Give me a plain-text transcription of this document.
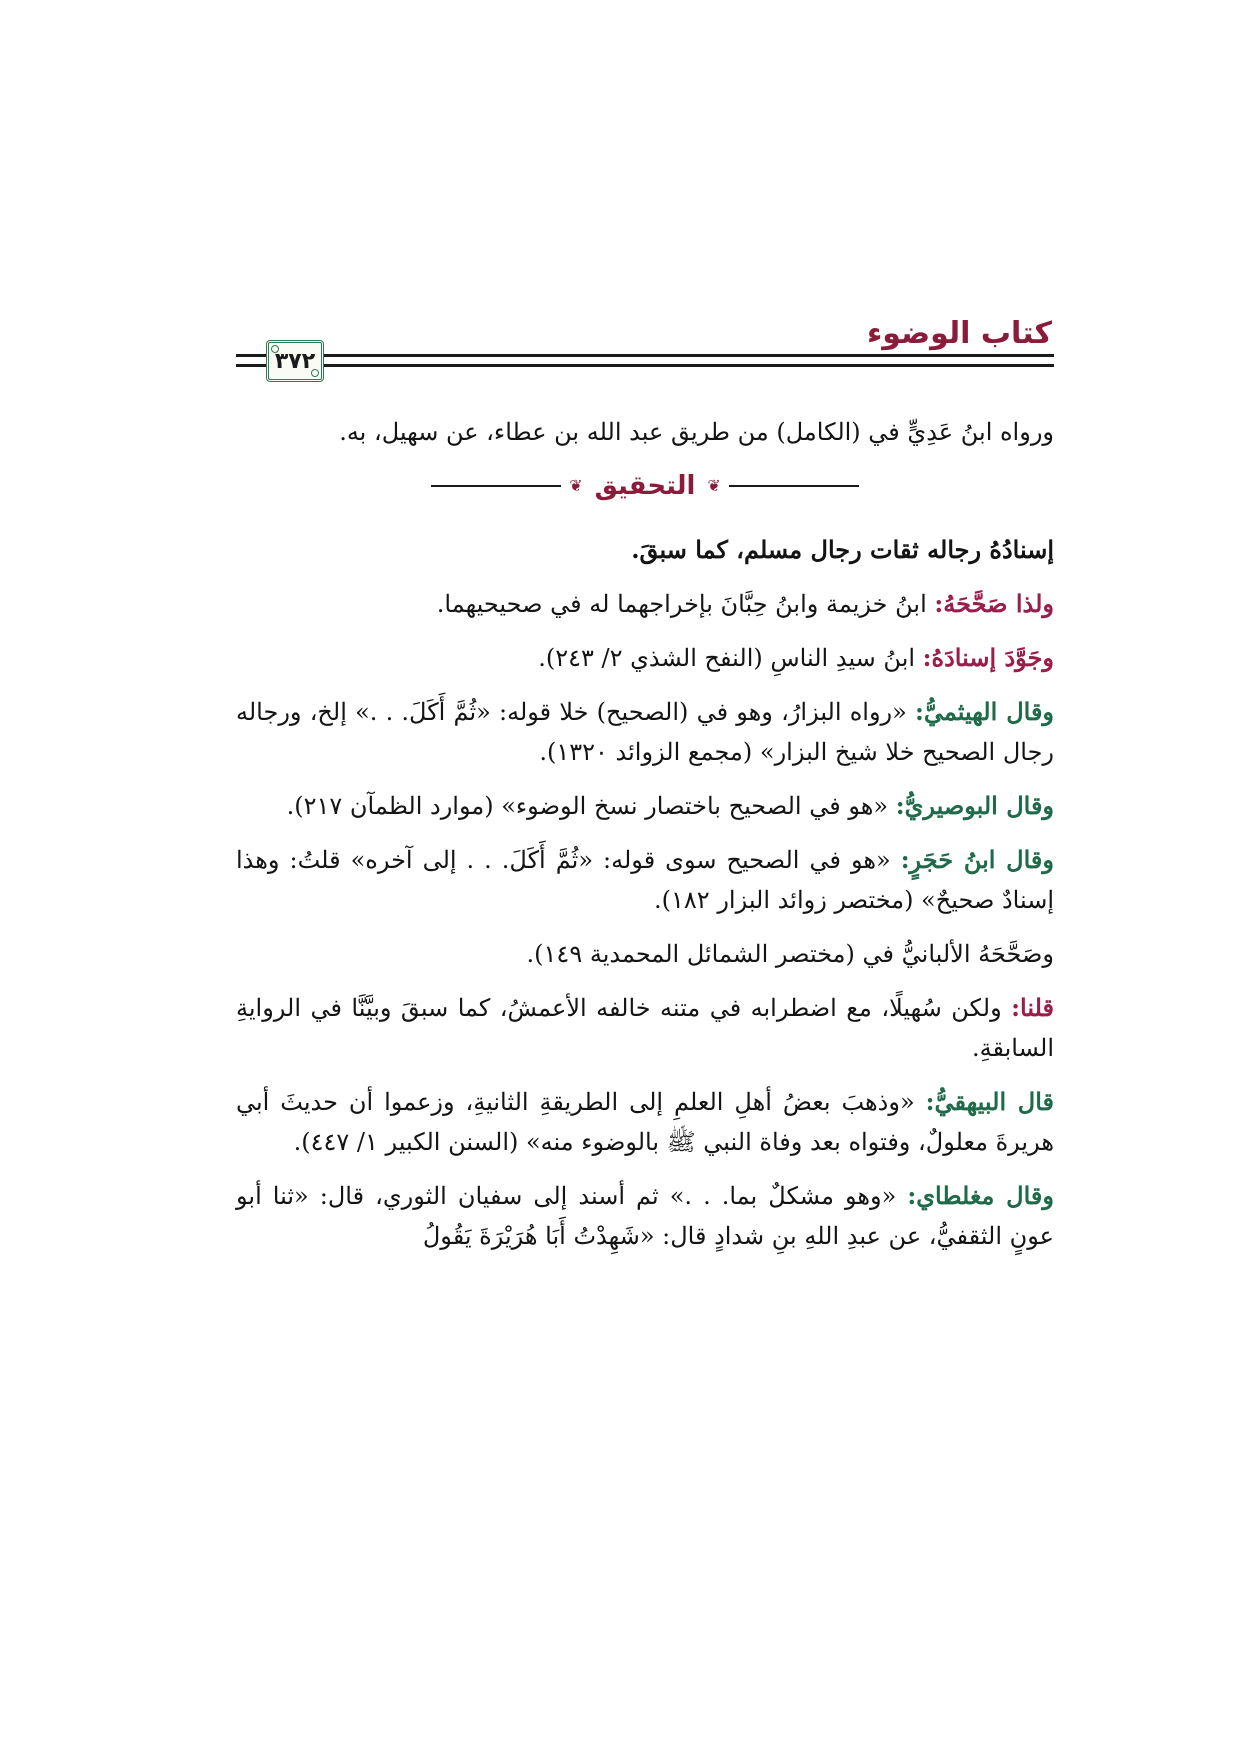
كتاب الوضوء
٣٧٢

ورواه ابنُ عَدِيٍّ في (الكامل) من طريق عبد الله بن عطاء، عن سهيل، به.

❦ التحقيق ❦

إسنادُهُ رجاله ثقات رجال مسلم، كما سبقَ.

ولذا صَحَّحَهُ: ابنُ خزيمة وابنُ حِبَّانَ بإخراجهما له في صحيحيهما.

وجَوَّدَ إسنادَهُ: ابنُ سيدِ الناسِ (النفح الشذي ٢/ ٢٤٣).

وقال الهيثميُّ: «رواه البزارُ، وهو في (الصحيح) خلا قوله: «ثُمَّ أَكَلَ. . .» إلخ، ورجاله رجال الصحيح خلا شيخ البزار» (مجمع الزوائد ١٣٢٠).

وقال البوصيريُّ: «هو في الصحيح باختصار نسخ الوضوء» (موارد الظمآن ٢١٧).

وقال ابنُ حَجَرٍ: «هو في الصحيح سوى قوله: «ثُمَّ أَكَلَ. . . إلى آخره» قلتُ: وهذا إسنادٌ صحيحٌ» (مختصر زوائد البزار ١٨٢).

وصَحَّحَهُ الألبانيُّ في (مختصر الشمائل المحمدية ١٤٩).

قلنا: ولكن سُهيلًا، مع اضطرابه في متنه خالفه الأعمشُ، كما سبقَ وبيَّنَّا في الروايةِ السابقةِ.

قال البيهقيُّ: «وذهبَ بعضُ أهلِ العلمِ إلى الطريقةِ الثانيةِ، وزعموا أن حديثَ أبي هريرةَ معلولٌ، وفتواه بعد وفاة النبي ﷺ بالوضوء منه» (السنن الكبير ١/ ٤٤٧).

وقال مغلطاي: «وهو مشكلٌ بما. . .» ثم أسند إلى سفيان الثوري، قال: «ثنا أبو عونٍ الثقفيُّ، عن عبدِ اللهِ بنِ شدادٍ قال: «شَهِدْتُ أَبَا هُرَيْرَةَ يَقُولُ
